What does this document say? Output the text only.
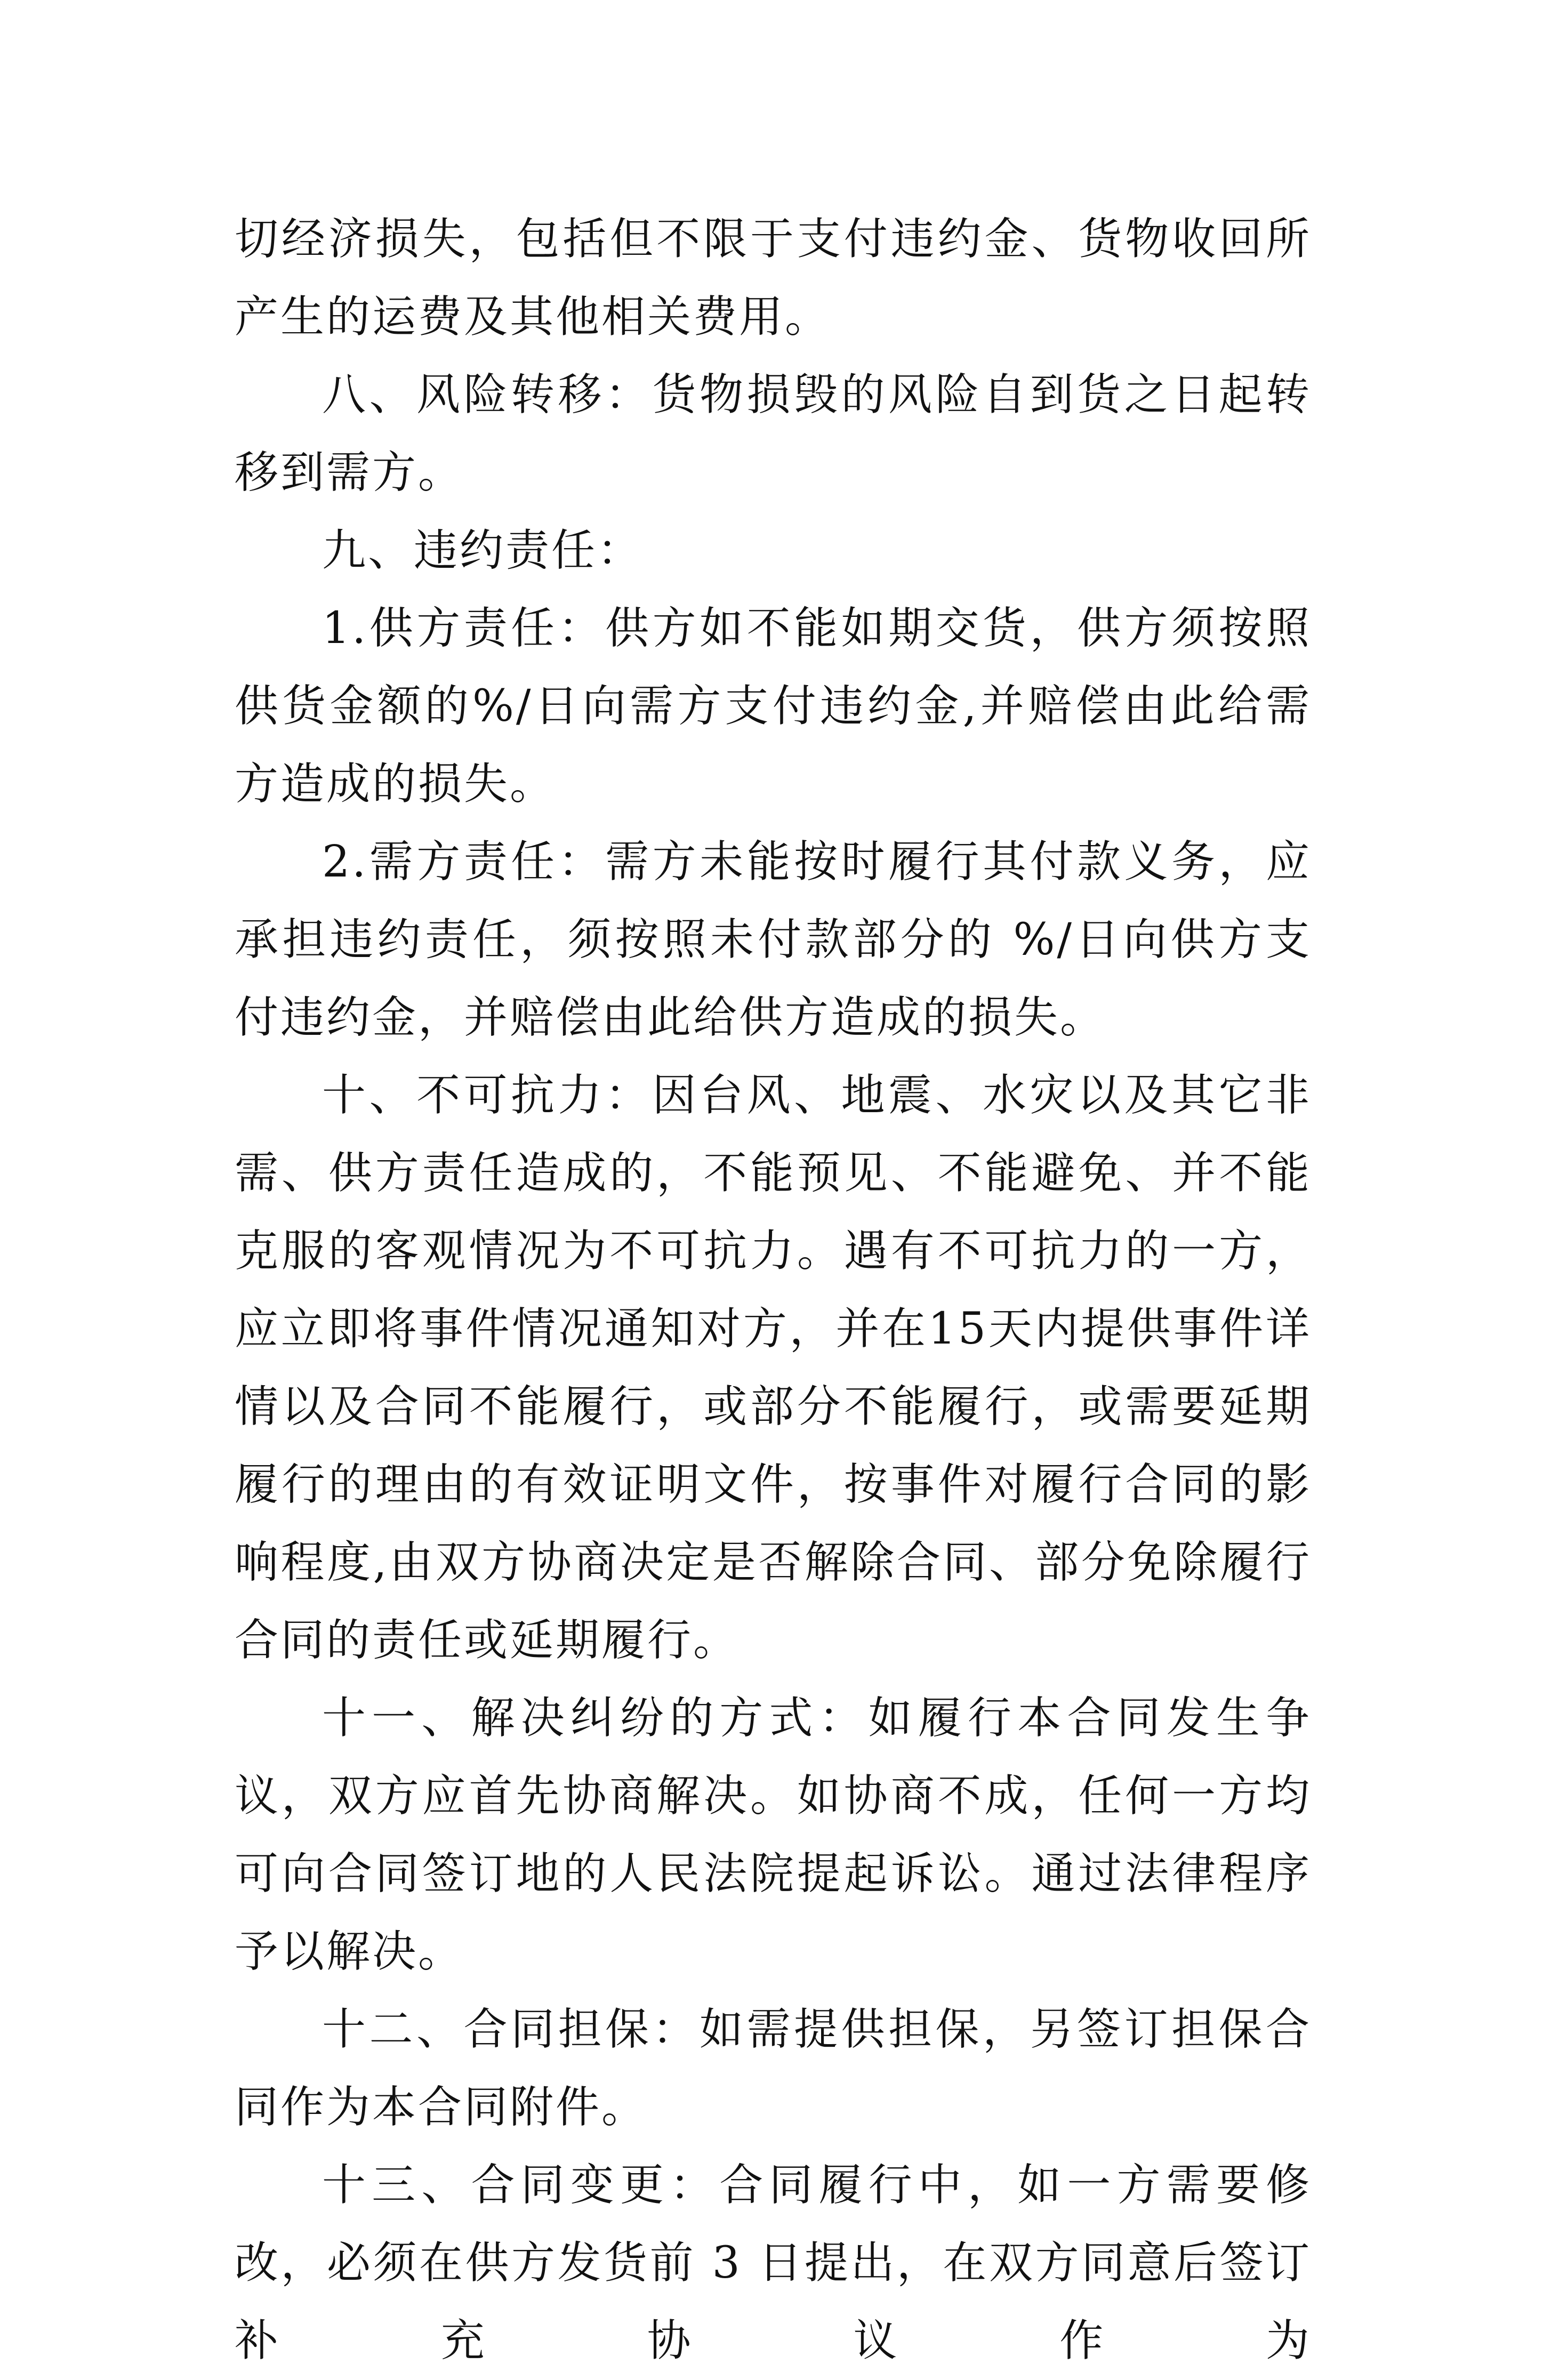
切经济损失，包括但不限于支付违约金、货物收回所产生的运费及其他相关费用。

八、风险转移：货物损毁的风险自到货之日起转移到需方。

九、违约责任：

1.供方责任：供方如不能如期交货，供方须按照供货金额的%/日向需方支付违约金,并赔偿由此给需方造成的损失。

2.需方责任：需方未能按时履行其付款义务，应承担违约责任，须按照未付款部分的 %/日向供方支付违约金，并赔偿由此给供方造成的损失。

十、不可抗力：因台风、地震、水灾以及其它非需、供方责任造成的，不能预见、不能避免、并不能克服的客观情况为不可抗力。遇有不可抗力的一方，应立即将事件情况通知对方，并在15天内提供事件详情以及合同不能履行，或部分不能履行，或需要延期履行的理由的有效证明文件，按事件对履行合同的影响程度,由双方协商决定是否解除合同、部分免除履行合同的责任或延期履行。

十一、解决纠纷的方式：如履行本合同发生争议，双方应首先协商解决。如协商不成，任何一方均可向合同签订地的人民法院提起诉讼。通过法律程序予以解决。

十二、合同担保：如需提供担保，另签订担保合同作为本合同附件。

十三、合同变更：合同履行中，如一方需要修改，必须在供方发货前 3 日提出，在双方同意后签订补充协议作为
